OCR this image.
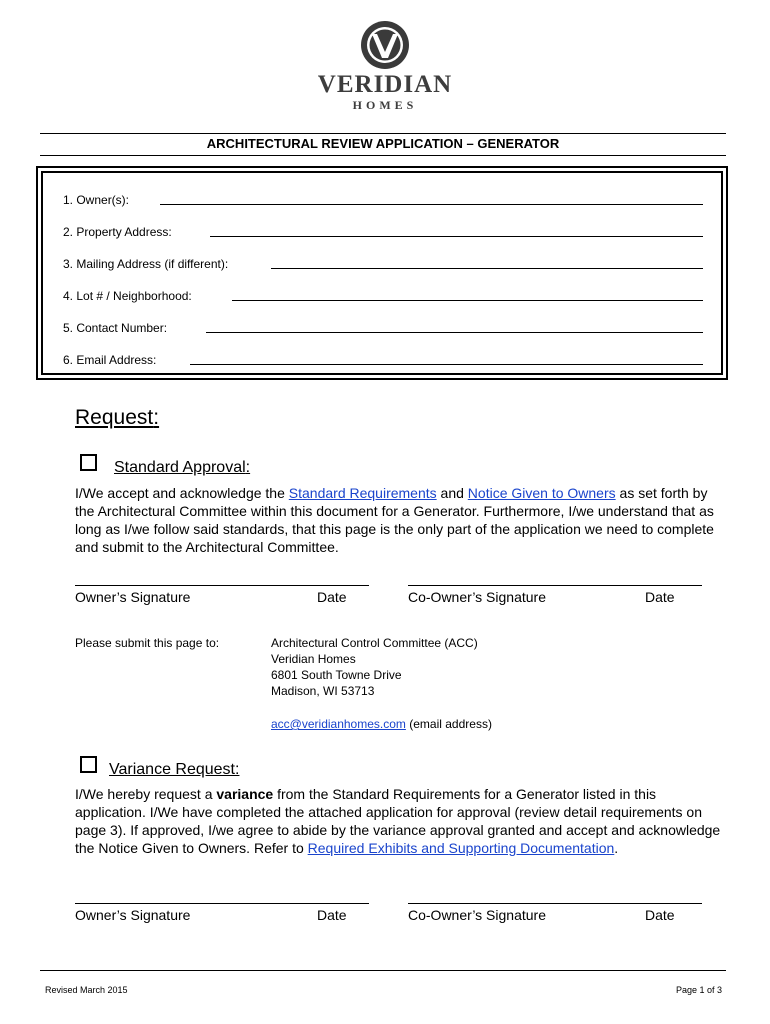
VERIDIAN
HOMES
ARCHITECTURAL REVIEW APPLICATION – GENERATOR
1. Owner(s):
2. Property Address:
3. Mailing Address (if different):
4. Lot # / Neighborhood:
5. Contact Number:
6. Email Address:
Request:
Standard Approval:
I/We accept and acknowledge the Standard Requirements and Notice Given to Owners as set forth by the Architectural Committee within this document for a Generator. Furthermore, I/we understand that as long as I/we follow said standards, that this page is the only part of the application we need to complete and submit to the Architectural Committee.
Owner’s Signature	Date	Co-Owner’s Signature	Date
Please submit this page to:	Architectural Control Committee (ACC)
Veridian Homes
6801 South Towne Drive
Madison, WI 53713
acc@veridianhomes.com (email address)
Variance Request:
I/We hereby request a variance from the Standard Requirements for a Generator listed in this application. I/We have completed the attached application for approval (review detail requirements on page 3). If approved, I/we agree to abide by the variance approval granted and accept and acknowledge the Notice Given to Owners. Refer to Required Exhibits and Supporting Documentation.
Owner’s Signature	Date	Co-Owner’s Signature	Date
Revised March 2015	Page 1 of 3
